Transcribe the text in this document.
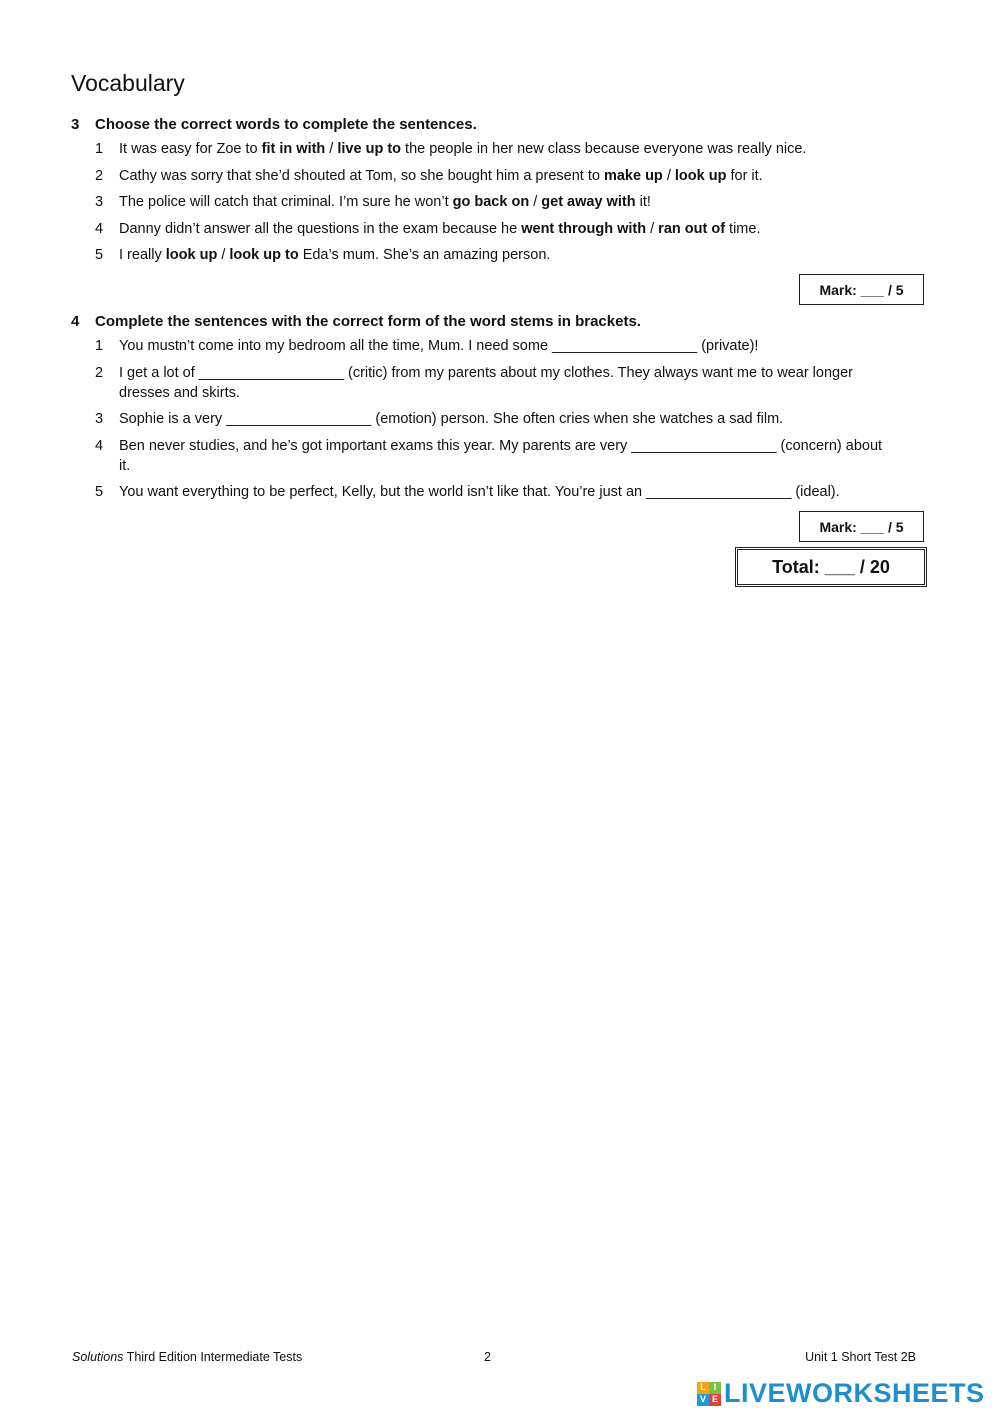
Vocabulary

3	Choose the correct words to complete the sentences.

1	It was easy for Zoe to fit in with / live up to the people in her new class because everyone was really nice.
2	Cathy was sorry that she’d shouted at Tom, so she bought him a present to make up / look up for it.
3	The police will catch that criminal. I’m sure he won’t go back on / get away with it!
4	Danny didn’t answer all the questions in the exam because he went through with / ran out of time.
5	I really look up / look up to Eda’s mum. She’s an amazing person.
Mark: ___ / 5

4	Complete the sentences with the correct form of the word stems in brackets.

1	You mustn’t come into my bedroom all the time, Mum. I need some __________________ (private)!
2	I get a lot of __________________ (critic) from my parents about my clothes. They always want me to wear longer dresses and skirts.
3	Sophie is a very __________________ (emotion) person. She often cries when she watches a sad film.
4	Ben never studies, and he’s got important exams this year. My parents are very __________________ (concern) about it.
5	You want everything to be perfect, Kelly, but the world isn’t like that. You’re just an __________________ (ideal).
Mark: ___ / 5
Total: ___ / 20
Solutions Third Edition Intermediate Tests	2	Unit 1 Short Test 2B
L I
V E LIVEWORKSHEETS
